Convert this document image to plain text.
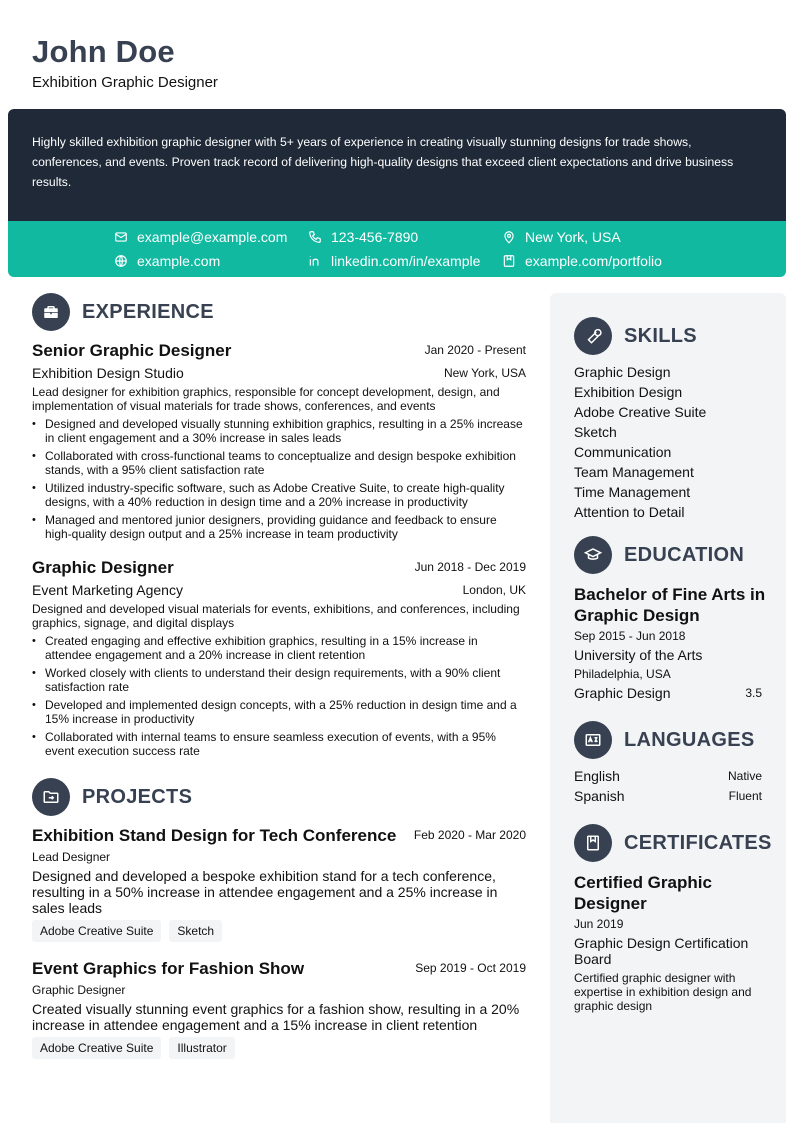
John Doe
Exhibition Graphic Designer
Highly skilled exhibition graphic designer with 5+ years of experience in creating visually stunning designs for trade shows, conferences, and events. Proven track record of delivering high-quality designs that exceed client expectations and drive business results.
example@example.com	123-456-7890	New York, USA
example.com	linkedin.com/in/example	example.com/portfolio
EXPERIENCE
Senior Graphic Designer	Jan 2020 - Present
Exhibition Design Studio	New York, USA
Lead designer for exhibition graphics, responsible for concept development, design, and implementation of visual materials for trade shows, conferences, and events
• Designed and developed visually stunning exhibition graphics, resulting in a 25% increase in client engagement and a 30% increase in sales leads
• Collaborated with cross-functional teams to conceptualize and design bespoke exhibition stands, with a 95% client satisfaction rate
• Utilized industry-specific software, such as Adobe Creative Suite, to create high-quality designs, with a 40% reduction in design time and a 20% increase in productivity
• Managed and mentored junior designers, providing guidance and feedback to ensure high-quality design output and a 25% increase in team productivity
Graphic Designer	Jun 2018 - Dec 2019
Event Marketing Agency	London, UK
Designed and developed visual materials for events, exhibitions, and conferences, including graphics, signage, and digital displays
• Created engaging and effective exhibition graphics, resulting in a 15% increase in attendee engagement and a 20% increase in client retention
• Worked closely with clients to understand their design requirements, with a 90% client satisfaction rate
• Developed and implemented design concepts, with a 25% reduction in design time and a 15% increase in productivity
• Collaborated with internal teams to ensure seamless execution of events, with a 95% event execution success rate
PROJECTS
Exhibition Stand Design for Tech Conference	Feb 2020 - Mar 2020
Lead Designer
Designed and developed a bespoke exhibition stand for a tech conference, resulting in a 50% increase in attendee engagement and a 25% increase in sales leads
Adobe Creative Suite	Sketch
Event Graphics for Fashion Show	Sep 2019 - Oct 2019
Graphic Designer
Created visually stunning event graphics for a fashion show, resulting in a 20% increase in attendee engagement and a 15% increase in client retention
Adobe Creative Suite	Illustrator
SKILLS
Graphic Design
Exhibition Design
Adobe Creative Suite
Sketch
Communication
Team Management
Time Management
Attention to Detail
EDUCATION
Bachelor of Fine Arts in Graphic Design
Sep 2015 - Jun 2018
University of the Arts
Philadelphia, USA
Graphic Design	3.5
LANGUAGES
English	Native
Spanish	Fluent
CERTIFICATES
Certified Graphic Designer
Jun 2019
Graphic Design Certification Board
Certified graphic designer with expertise in exhibition design and graphic design
